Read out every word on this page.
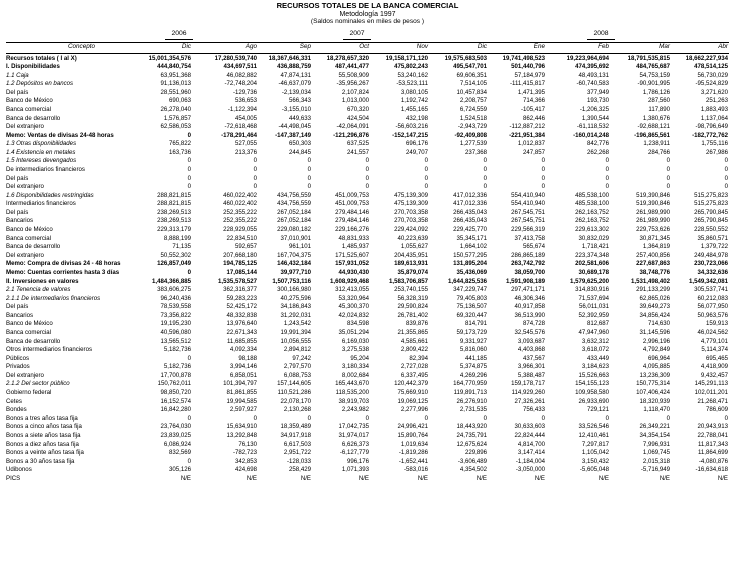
RECURSOS TOTALES DE LA BANCA COMERCIAL
Metodología 1997
(Saldos nominales en miles de pesos )
2006	2007	2008
Concepto	Dic	Ago	Sep	Oct	Nov	Dic	Ene	Feb	Mar	Abr
Recursos totales ( I al X)	15,001,354,576	17,280,539,740	18,367,646,331	18,278,657,320	19,158,171,120	19,575,683,503	19,741,498,523	19,223,964,694	18,791,535,815	18,662,227,934
I. Disponibilidades	444,840,754	434,697,511	436,888,759	487,441,477	475,802,243	495,547,701	501,440,796	474,395,692	484,765,687	478,514,125
1.1 Caja	63,951,368	46,082,882	47,874,131	55,508,909	53,240,162	69,606,351	57,184,979	48,493,131	54,753,159	56,730,029
1.2 Depósitos en bancos	91,136,013	-72,748,204	-46,637,079	-35,956,267	-53,523,111	7,514,105	-111,415,817	-60,740,583	-90,901,995	-95,524,829
Del país	28,551,960	-129,736	-2,139,034	2,107,824	3,080,105	10,457,834	1,471,395	377,949	1,786,126	3,271,620
Banco de México	690,063	536,653	566,343	1,013,000	1,192,742	2,208,757	714,366	193,730	287,560	251,263
Banca comercial	26,278,040	-1,122,394	-3,155,010	670,320	1,455,165	6,724,559	-105,417	-1,206,325	117,890	1,883,493
Banca de desarrollo	1,576,857	454,005	449,633	424,504	432,198	1,524,518	862,446	1,390,544	1,380,676	1,137,064
Del extranjero	62,586,053	-72,618,468	-44,498,045	-42,064,091	-56,603,216	-2,943,729	-112,887,212	-61,118,532	-92,688,121	-98,796,649
Memo: Ventas de divisas 24-48 horas	0	-178,291,464	-147,387,149	-121,296,876	-152,147,215	-92,409,808	-221,951,384	-160,014,248	-196,865,561	-182,772,762
1.3 Otras disponibilidades	765,822	527,055	650,303	637,525	696,176	1,277,539	1,012,837	842,776	1,238,911	1,755,116
1.4 Existencia en metales	163,736	213,376	244,845	241,557	249,707	237,368	247,857	262,268	284,766	267,986
1.5 Intereses devengados	0	0	0	0	0	0	0	0	0	0
De intermediarios financieros	0	0	0	0	0	0	0	0	0	0
Del país	0	0	0	0	0	0	0	0	0	0
Del extranjero	0	0	0	0	0	0	0	0	0	0
1.6 Disponibilidades restringidas	288,821,815	460,022,402	434,756,559	451,009,753	475,139,309	417,012,336	554,410,940	485,538,100	519,390,846	515,275,823
Intermediarios financieros	288,821,815	460,022,402	434,756,559	451,009,753	475,139,309	417,012,336	554,410,940	485,538,100	519,390,846	515,275,823
Del país	238,269,513	252,355,222	267,052,184	279,484,146	270,703,358	266,435,043	267,545,751	262,163,752	261,989,990	265,790,845
Bancarios	238,269,513	252,355,222	267,052,184	279,484,146	270,703,358	266,435,043	267,545,751	262,163,752	261,989,990	265,790,845
Banco de México	229,313,179	228,929,055	229,080,182	229,166,276	229,424,092	229,425,770	229,566,319	229,613,302	229,753,626	228,550,552
Banca comercial	8,888,199	22,834,510	37,010,901	48,831,933	40,223,639	35,345,171	37,413,758	30,832,029	30,871,345	35,860,571
Banca de desarrollo	71,135	592,657	961,101	1,485,937	1,055,627	1,664,102	565,674	1,718,421	1,364,819	1,379,722
Del extranjero	50,552,302	207,668,180	167,704,375	171,525,607	204,435,951	150,577,295	286,865,189	223,374,348	257,400,856	249,484,978
Memo: Compra de divisas 24 - 48 horas	126,857,049	194,785,125	146,432,184	157,931,052	189,613,931	131,895,204	263,742,792	202,581,606	227,687,863	230,723,066
Memo: Cuentas corrientes hasta 3 días	0	17,085,144	39,977,710	44,930,430	35,879,074	35,436,069	38,059,700	30,689,178	38,748,776	34,332,636
II. Inversiones en valores	1,484,366,885	1,535,578,527	1,507,753,116	1,608,929,468	1,583,706,857	1,644,825,536	1,591,908,189	1,579,625,200	1,531,498,402	1,549,342,081
2.1 Tenencia de valores	383,606,275	362,316,377	300,166,980	312,413,055	253,740,155	347,229,747	297,471,171	314,830,916	291,133,299	305,537,741
2.1.1 De intermediarios financieros	96,240,436	59,283,223	40,275,596	53,320,964	56,328,319	79,405,803	46,306,346	71,537,694	62,865,026	60,212,083
Del país	78,539,558	52,425,172	34,186,843	45,300,370	29,590,824	75,136,507	40,917,858	56,011,031	39,649,273	56,077,950
Bancarios	73,356,822	48,332,838	31,292,031	42,024,832	26,781,402	69,320,447	36,513,990	52,392,959	34,856,424	50,963,576
Banco de México	19,195,230	13,976,640	1,243,542	834,598	839,876	814,791	874,728	812,687	714,630	159,913
Banca comercial	40,596,080	22,671,343	19,991,394	35,051,294	21,355,865	59,173,729	32,545,576	47,947,960	31,145,596	46,024,562
Banca de desarrollo	13,565,512	11,685,855	10,056,555	6,169,030	4,585,661	9,331,927	3,093,687	3,632,312	2,996,196	4,779,101
Otros intermediarios financieros	5,182,736	4,092,334	2,894,812	3,275,538	2,809,422	5,816,060	4,403,868	3,618,072	4,792,849	5,114,374
Públicos	0	98,188	97,242	95,204	82,394	441,185	437,567	433,449	696,964	695,465
Privados	5,182,736	3,994,146	2,797,570	3,180,334	2,727,028	5,374,875	3,966,301	3,184,623	4,095,885	4,418,909
Del extranjero	17,700,878	6,858,051	6,088,753	8,002,684	6,337,495	4,269,296	5,388,487	15,526,663	13,236,309	9,432,457
2.1.2 Del sector público	150,762,011	101,394,797	157,144,605	165,443,670	120,442,379	164,770,959	159,178,717	154,155,123	150,775,314	145,291,113
Gobierno federal	98,850,720	81,861,855	110,521,286	118,535,200	75,669,910	119,891,713	114,929,260	109,958,580	107,406,424	102,011,201
Cetes	16,152,574	19,994,585	22,078,170	38,919,703	19,069,125	26,276,910	27,326,261	26,933,690	18,320,939	21,268,471
Bondes	16,842,280	2,597,927	2,130,268	2,243,982	2,277,996	2,731,535	756,433	729,121	1,118,470	786,609
Bonos a tres años tasa fija	0	0	0	0	0	0	0	0	0	0
Bonos a cinco años tasa fija	23,764,030	15,634,910	18,359,489	17,042,735	24,996,421	18,443,920	30,633,603	33,526,546	26,349,221	20,943,913
Bonos a siete años tasa fija	23,839,025	13,292,848	34,917,918	31,974,017	15,890,764	24,735,791	22,824,444	12,410,461	34,354,154	22,788,041
Bonos a diez años tasa fija	6,086,924	76,130	6,617,503	6,626,373	1,019,634	12,675,624	4,814,700	7,297,817	7,996,931	11,817,343
Bonos a veinte años tasa fija	832,569	-782,723	2,951,722	-6,127,779	-1,819,286	229,896	3,147,414	1,105,042	1,069,745	11,864,699
Bonos a 30 años tasa fija	0	342,853	-128,033	996,176	-1,652,441	-3,606,489	-1,184,004	3,150,432	2,015,318	-4,080,876
Udibonos	305,126	424,698	258,429	1,071,393	-583,016	4,354,502	-3,050,000	-5,605,048	-5,716,949	-16,634,618
PICS	N/E	N/E	N/E	N/E	N/E	N/E	N/E	N/E	N/E	N/E
